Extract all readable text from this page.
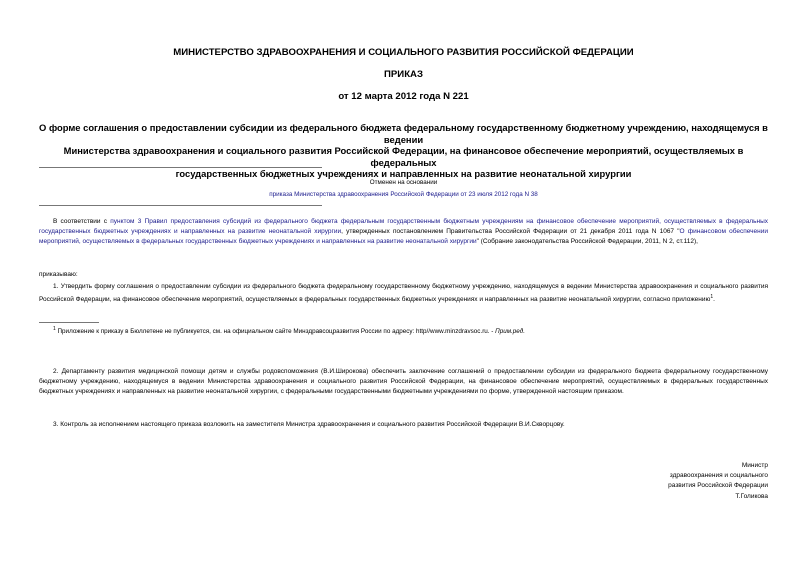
МИНИСТЕРСТВО ЗДРАВООХРАНЕНИЯ И СОЦИАЛЬНОГО РАЗВИТИЯ РОССИЙСКОЙ ФЕДЕРАЦИИ
ПРИКАЗ
от 12 марта 2012 года N 221
О форме соглашения о предоставлении субсидии из федерального бюджета федеральному государственному бюджетному учреждению, находящемуся в ведении
Министерства здравоохранения и социального развития Российской Федерации, на финансовое обеспечение мероприятий, осуществляемых в федеральных
государственных бюджетных учреждениях и направленных на развитие неонатальной хирургии
Отменен на основании
приказа Министерства здравоохранения Российской Федерации от 23 июля 2012 года N 38
В соответствии с пунктом 3 Правил предоставления субсидий из федерального бюджета федеральным государственным бюджетным учреждениям на финансовое обеспечение мероприятий, осуществляемых в федеральных государственных бюджетных учреждениях и направленных на развитие неонатальной хирургии, утвержденных постановлением Правительства Российской Федерации от 21 декабря 2011 года N 1067 "О финансовом обеспечении мероприятий, осуществляемых в федеральных государственных бюджетных учреждениях и направленных на развитие неонатальной хирургии" (Собрание законодательства Российской Федерации, 2011, N 2, ст.112),
приказываю:
1. Утвердить форму соглашения о предоставлении субсидии из федерального бюджета федеральному государственному бюджетному учреждению, находящемуся в ведении Министерства здравоохранения и социального развития Российской Федерации, на финансовое обеспечение мероприятий, осуществляемых в федеральных государственных бюджетных учреждениях и направленных на развитие неонатальной хирургии, согласно приложению$^1$.
$^1$ Приложение к приказу в Бюллетене не публикуется, см. на официальном сайте Минздравсоцразвития России по адресу: http//www.minzdravsoc.ru. - Прим.ред.
2. Департаменту развития медицинской помощи детям и службы родовспоможения (В.И.Широкова) обеспечить заключение соглашений о предоставлении субсидии из федерального бюджета федеральному государственному бюджетному учреждению, находящемуся в ведении Министерства здравоохранения и социального развития Российской Федерации, на финансовое обеспечение мероприятий, осуществляемых в федеральных государственных бюджетных учреждениях и направленных на развитие неонатальной хирургии, с федеральными государственными бюджетными учреждениями по форме, утвержденной настоящим приказом.
3. Контроль за исполнением настоящего приказа возложить на заместителя Министра здравоохранения и социального развития Российской Федерации В.И.Скворцову.
Министр
здравоохранения и социального
развития Российской Федерации
Т.Голикова
